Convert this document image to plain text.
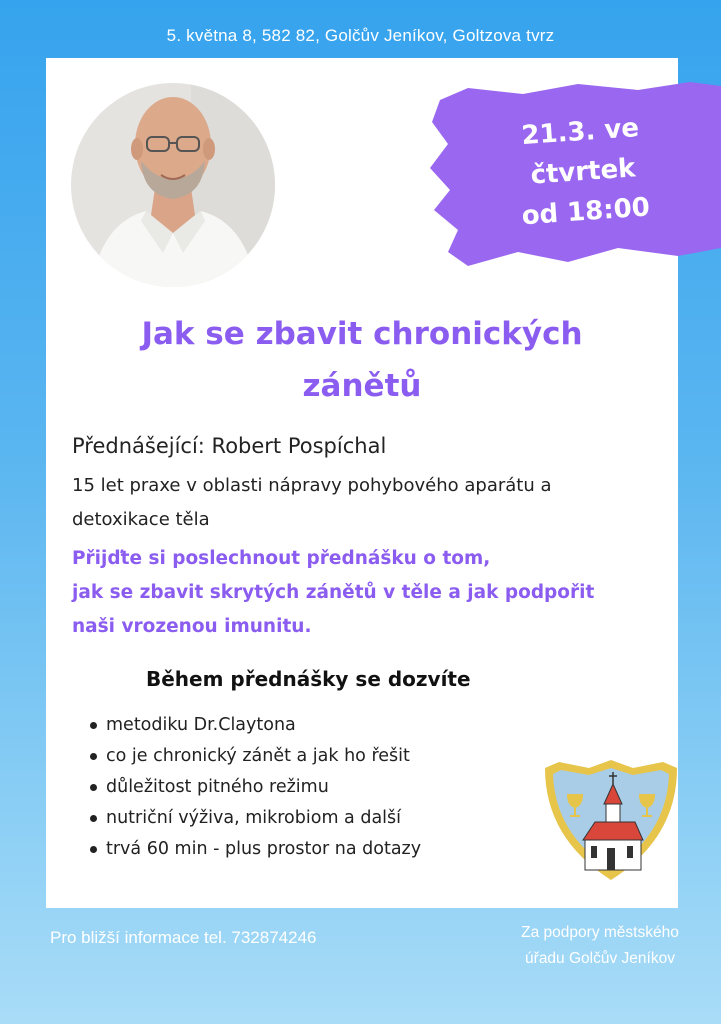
5. května 8, 582 82, Golčův Jeníkov, Goltzova tvrz
21.3. ve
čtvrtek
od 18:00
Jak se zbavit chronických
zánětů
Přednášející: Robert Pospíchal
15 let praxe v oblasti nápravy pohybového aparátu a
detoxikace těla
Přijďte si poslechnout přednášku o tom,
jak se zbavit skrytých zánětů v těle a jak podpořit
naši vrozenou imunitu.
Během přednášky se dozvíte
metodiku Dr.Claytona
co je chronický zánět a jak ho řešit
důležitost pitného režimu
nutriční výživa, mikrobiom a další
trvá 60 min - plus prostor na dotazy
Pro bližší informace tel. 732874246	Za podpory městského
úřadu Golčův Jeníkov
